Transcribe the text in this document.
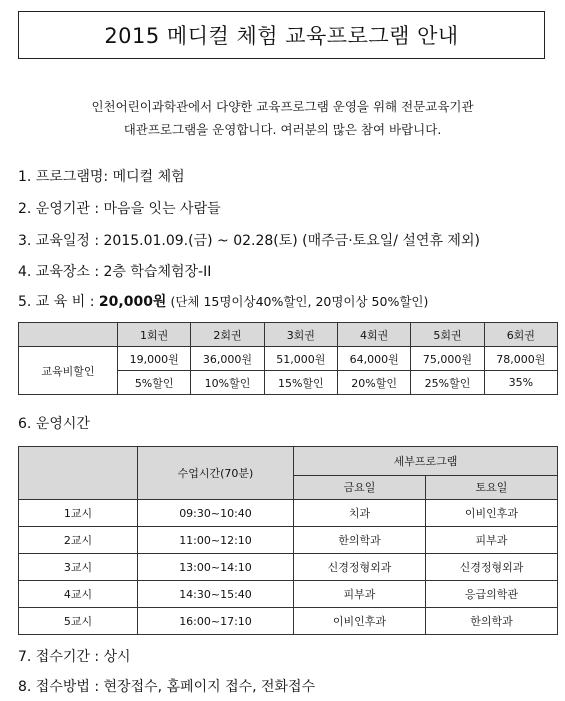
2015 메디컬 체험 교육프로그램 안내
인천어린이과학관에서 다양한 교육프로그램 운영을 위해 전문교육기관
대관프로그램을 운영합니다. 여러분의 많은 참여 바랍니다.
1. 프로그램명: 메디컬 체험
2. 운영기관 : 마음을 잇는 사람들
3. 교육일정 : 2015.01.09.(금) ~ 02.28(토) (매주금·토요일/ 설연휴 제외)
4. 교육장소 : 2층 학습체험장-II
5. 교 육 비 : 20,000원 (단체 15명이상40%할인, 20명이상 50%할인)
	1회권	2회권	3회권	4회권	5회권	6회권
교육비할인	19,000원	36,000원	51,000원	64,000원	75,000원	78,000원
	5%할인	10%할인	15%할인	20%할인	25%할인	35%
6. 운영시간
	수업시간(70분)	세부프로그램	
		금요일	토요일
1교시	09:30~10:40	치과	이비인후과
2교시	11:00~12:10	한의학과	피부과
3교시	13:00~14:10	신경정형외과	신경정형외과
4교시	14:30~15:40	피부과	응급의학관
5교시	16:00~17:10	이비인후과	한의학과
7. 접수기간 : 상시
8. 접수방법 : 현장접수, 홈페이지 접수, 전화접수
